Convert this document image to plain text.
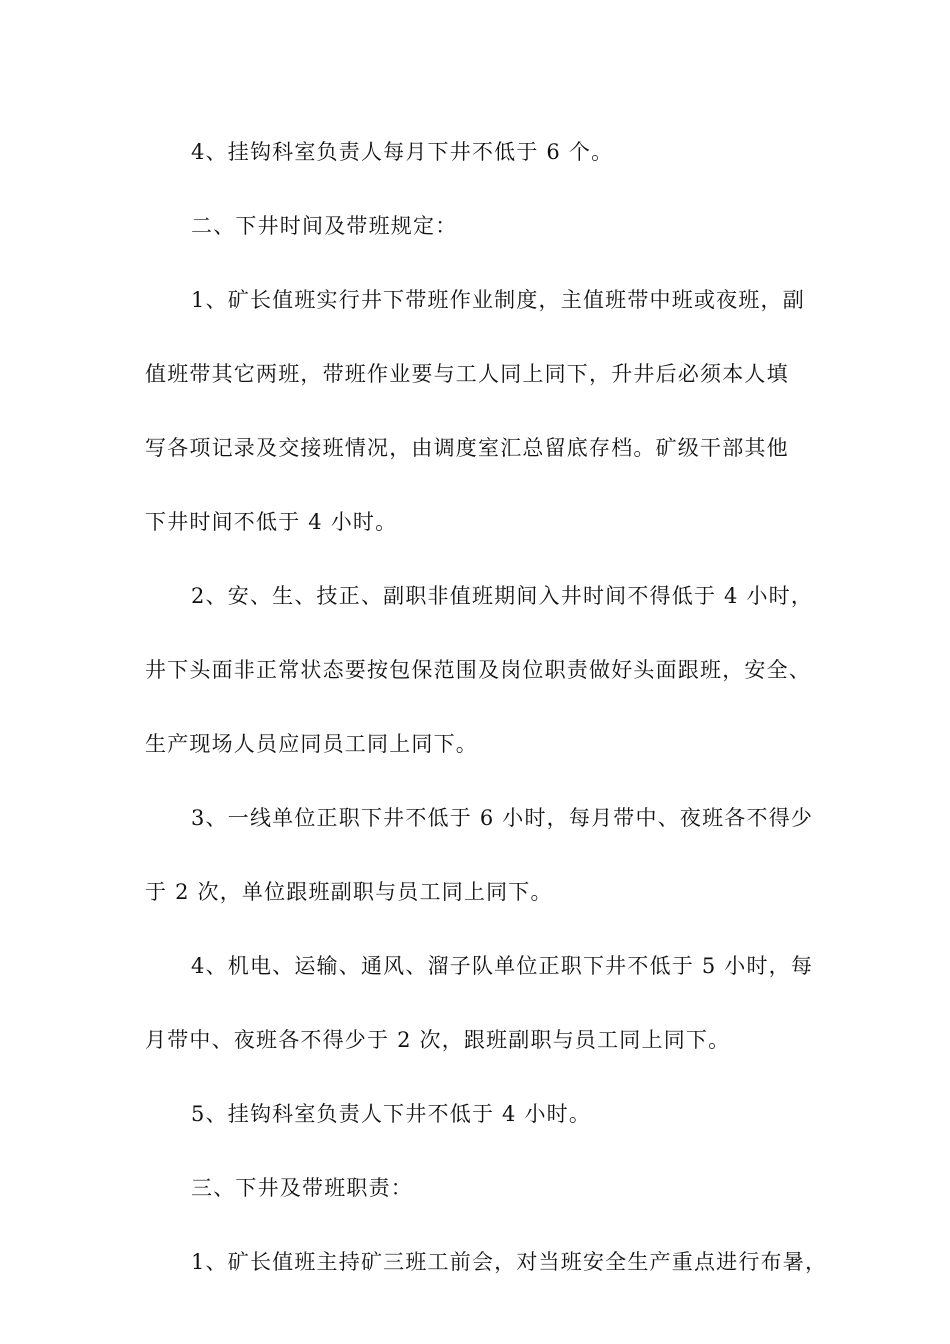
4、挂钩科室负责人每月下井不低于 6 个。
二、下井时间及带班规定：
1、矿长值班实行井下带班作业制度，主值班带中班或夜班，副
值班带其它两班，带班作业要与工人同上同下，升井后必须本人填
写各项记录及交接班情况，由调度室汇总留底存档。矿级干部其他
下井时间不低于 4 小时。
2、安、生、技正、副职非值班期间入井时间不得低于 4 小时，
井下头面非正常状态要按包保范围及岗位职责做好头面跟班，安全、
生产现场人员应同员工同上同下。
3、一线单位正职下井不低于 6 小时，每月带中、夜班各不得少
于 2 次，单位跟班副职与员工同上同下。
4、机电、运输、通风、溜子队单位正职下井不低于 5 小时，每
月带中、夜班各不得少于 2 次，跟班副职与员工同上同下。
5、挂钩科室负责人下井不低于 4 小时。
三、下井及带班职责：
1、矿长值班主持矿三班工前会，对当班安全生产重点进行布暑，
